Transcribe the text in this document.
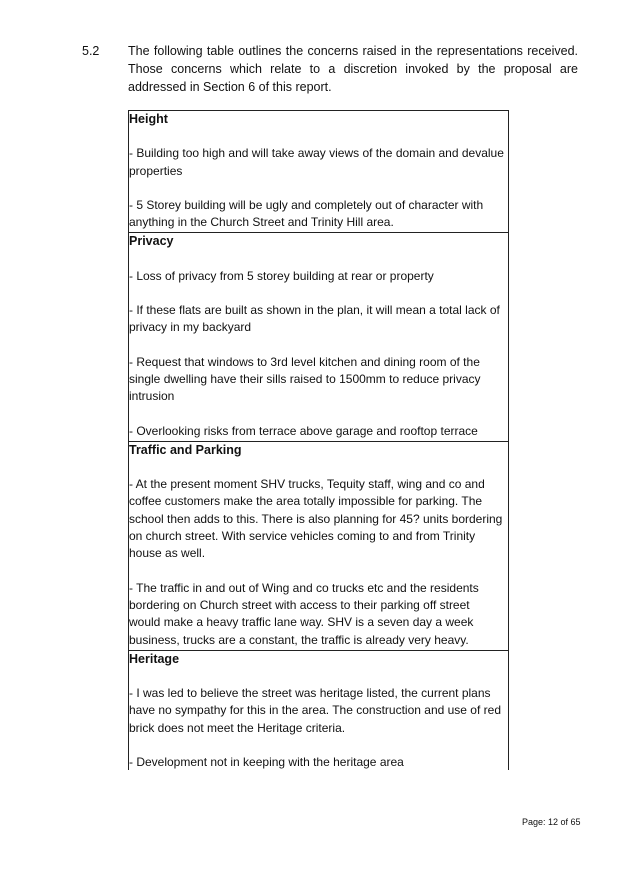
5.2 The following table outlines the concerns raised in the representations received. Those concerns which relate to a discretion invoked by the proposal are addressed in Section 6 of this report.
Height

- Building too high and will take away views of the domain and devalue properties

- 5 Storey building will be ugly and completely out of character with anything in the Church Street and Trinity Hill area.

Privacy

- Loss of privacy from 5 storey building at rear or property

- If these flats are built as shown in the plan, it will mean a total lack of privacy in my backyard

- Request that windows to 3rd level kitchen and dining room of the single dwelling have their sills raised to 1500mm to reduce privacy intrusion

- Overlooking risks from terrace above garage and rooftop terrace

Traffic and Parking

- At the present moment SHV trucks, Tequity staff, wing and co and coffee customers make the area totally impossible for parking. The school then adds to this. There is also planning for 45? units bordering on church street. With service vehicles coming to and from Trinity house as well.

- The traffic in and out of Wing and co trucks etc and the residents bordering on Church street with access to their parking off street would make a heavy traffic lane way. SHV is a seven day a week business, trucks are a constant, the traffic is already very heavy.

Heritage

- I was led to believe the street was heritage listed, the current plans have no sympathy for this in the area. The construction and use of red brick does not meet the Heritage criteria.

- Development not in keeping with the heritage area

Page: 12 of 65
